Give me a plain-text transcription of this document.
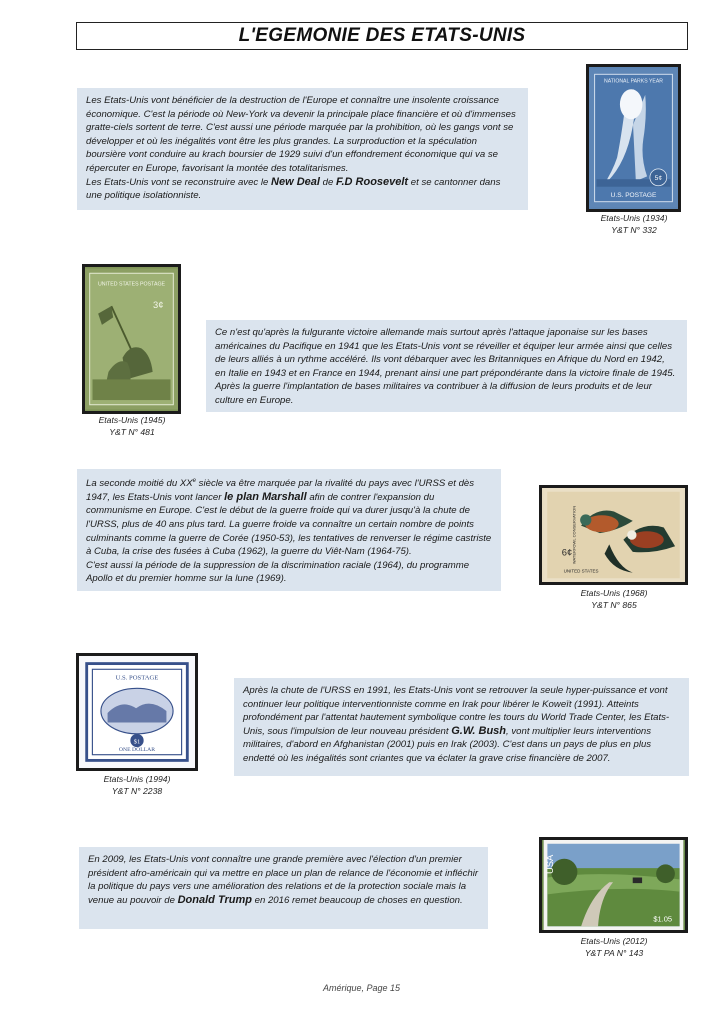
L'EGEMONIE DES ETATS-UNIS

Les Etats-Unis vont bénéficier de la destruction de l'Europe et connaître une insolente croissance économique. C'est la période où New-York va devenir la principale place financière et où d'immenses gratte-ciels sortent de terre. C'est aussi une période marquée par la prohibition, où les gangs vont se développer et où les inégalités vont être les plus grandes. La surproduction et la spéculation boursière vont conduire au krach boursier de 1929 suivi d'un effondrement économique qui va se répercuter en Europe, favorisant la montée des totalitarismes.

Les Etats-Unis vont se reconstruire avec le New Deal de F.D Roosevelt et se cantonner dans une politique isolationniste.

NATIONAL PARKS YEAR
5¢
U.S. POSTAGE
Etats-Unis (1934)
Y&T N° 332
UNITED STATES POSTAGE
3¢
Etats-Unis (1945)
Y&T N° 481

Ce n'est qu'après la fulgurante victoire allemande mais surtout après l'attaque japonaise sur les bases américaines du Pacifique en 1941 que les Etats-Unis vont se réveiller et équiper leur armée ainsi que celles de leurs alliés à un rythme accéléré. Ils vont débarquer avec les Britanniques en Afrique du Nord en 1942, en Italie en 1943 et en France en 1944, prenant ainsi une part prépondérante dans la victoire finale de 1945. Après la guerre l'implantation de bases militaires va contribuer à la diffusion de leurs produits et de leur culture en Europe.

La seconde moitié du XXe siècle va être marquée par la rivalité du pays avec l'URSS et dès 1947, les Etats-Unis vont lancer le plan Marshall afin de contrer l'expansion du communisme en Europe. C'est le début de la guerre froide qui va durer jusqu'à la chute de l'URSS, plus de 40 ans plus tard. La guerre froide va connaître un certain nombre de points culminants comme la guerre de Corée (1950-53), les tentatives de renverser le régime castriste à Cuba, la crise des fusées à Cuba (1962), la guerre du Viêt-Nam (1964-75).

C'est aussi la période de la suppression de la discrimination raciale (1964), du programme Apollo et du premier homme sur la lune (1969).

WATERFOWL CONSERVATION
6¢
UNITED STATES
Etats-Unis (1968)
Y&T N° 865
U.S. POSTAGE
ONE DOLLAR
$1
Etats-Unis (1994)
Y&T N° 2238

Après la chute de l'URSS en 1991, les Etats-Unis vont se retrouver la seule hyper-puissance et vont continuer leur politique interventionniste comme en Irak pour libérer le Koweït (1991). Atteints profondément par l'attentat hautement symbolique contre les tours du World Trade Center, les Etats-Unis, sous l'impulsion de leur nouveau président G.W. Bush, vont multiplier leurs interventions militaires, d'abord en Afghanistan (2001) puis en Irak (2003). C'est dans un pays de plus en plus endetté où les inégalités sont criantes que va éclater la grave crise financière de 2007.

En 2009, les Etats-Unis vont connaître une grande première avec l'élection d'un premier président afro-américain qui va mettre en place un plan de relance de l'économie et infléchir la politique du pays vers une amélioration des relations et de la protection sociale mais la venue au pouvoir de Donald Trump en 2016 remet beaucoup de choses en question.

USA
$1.05
Etats-Unis (2012)
Y&T PA N° 143
Amérique, Page 15
